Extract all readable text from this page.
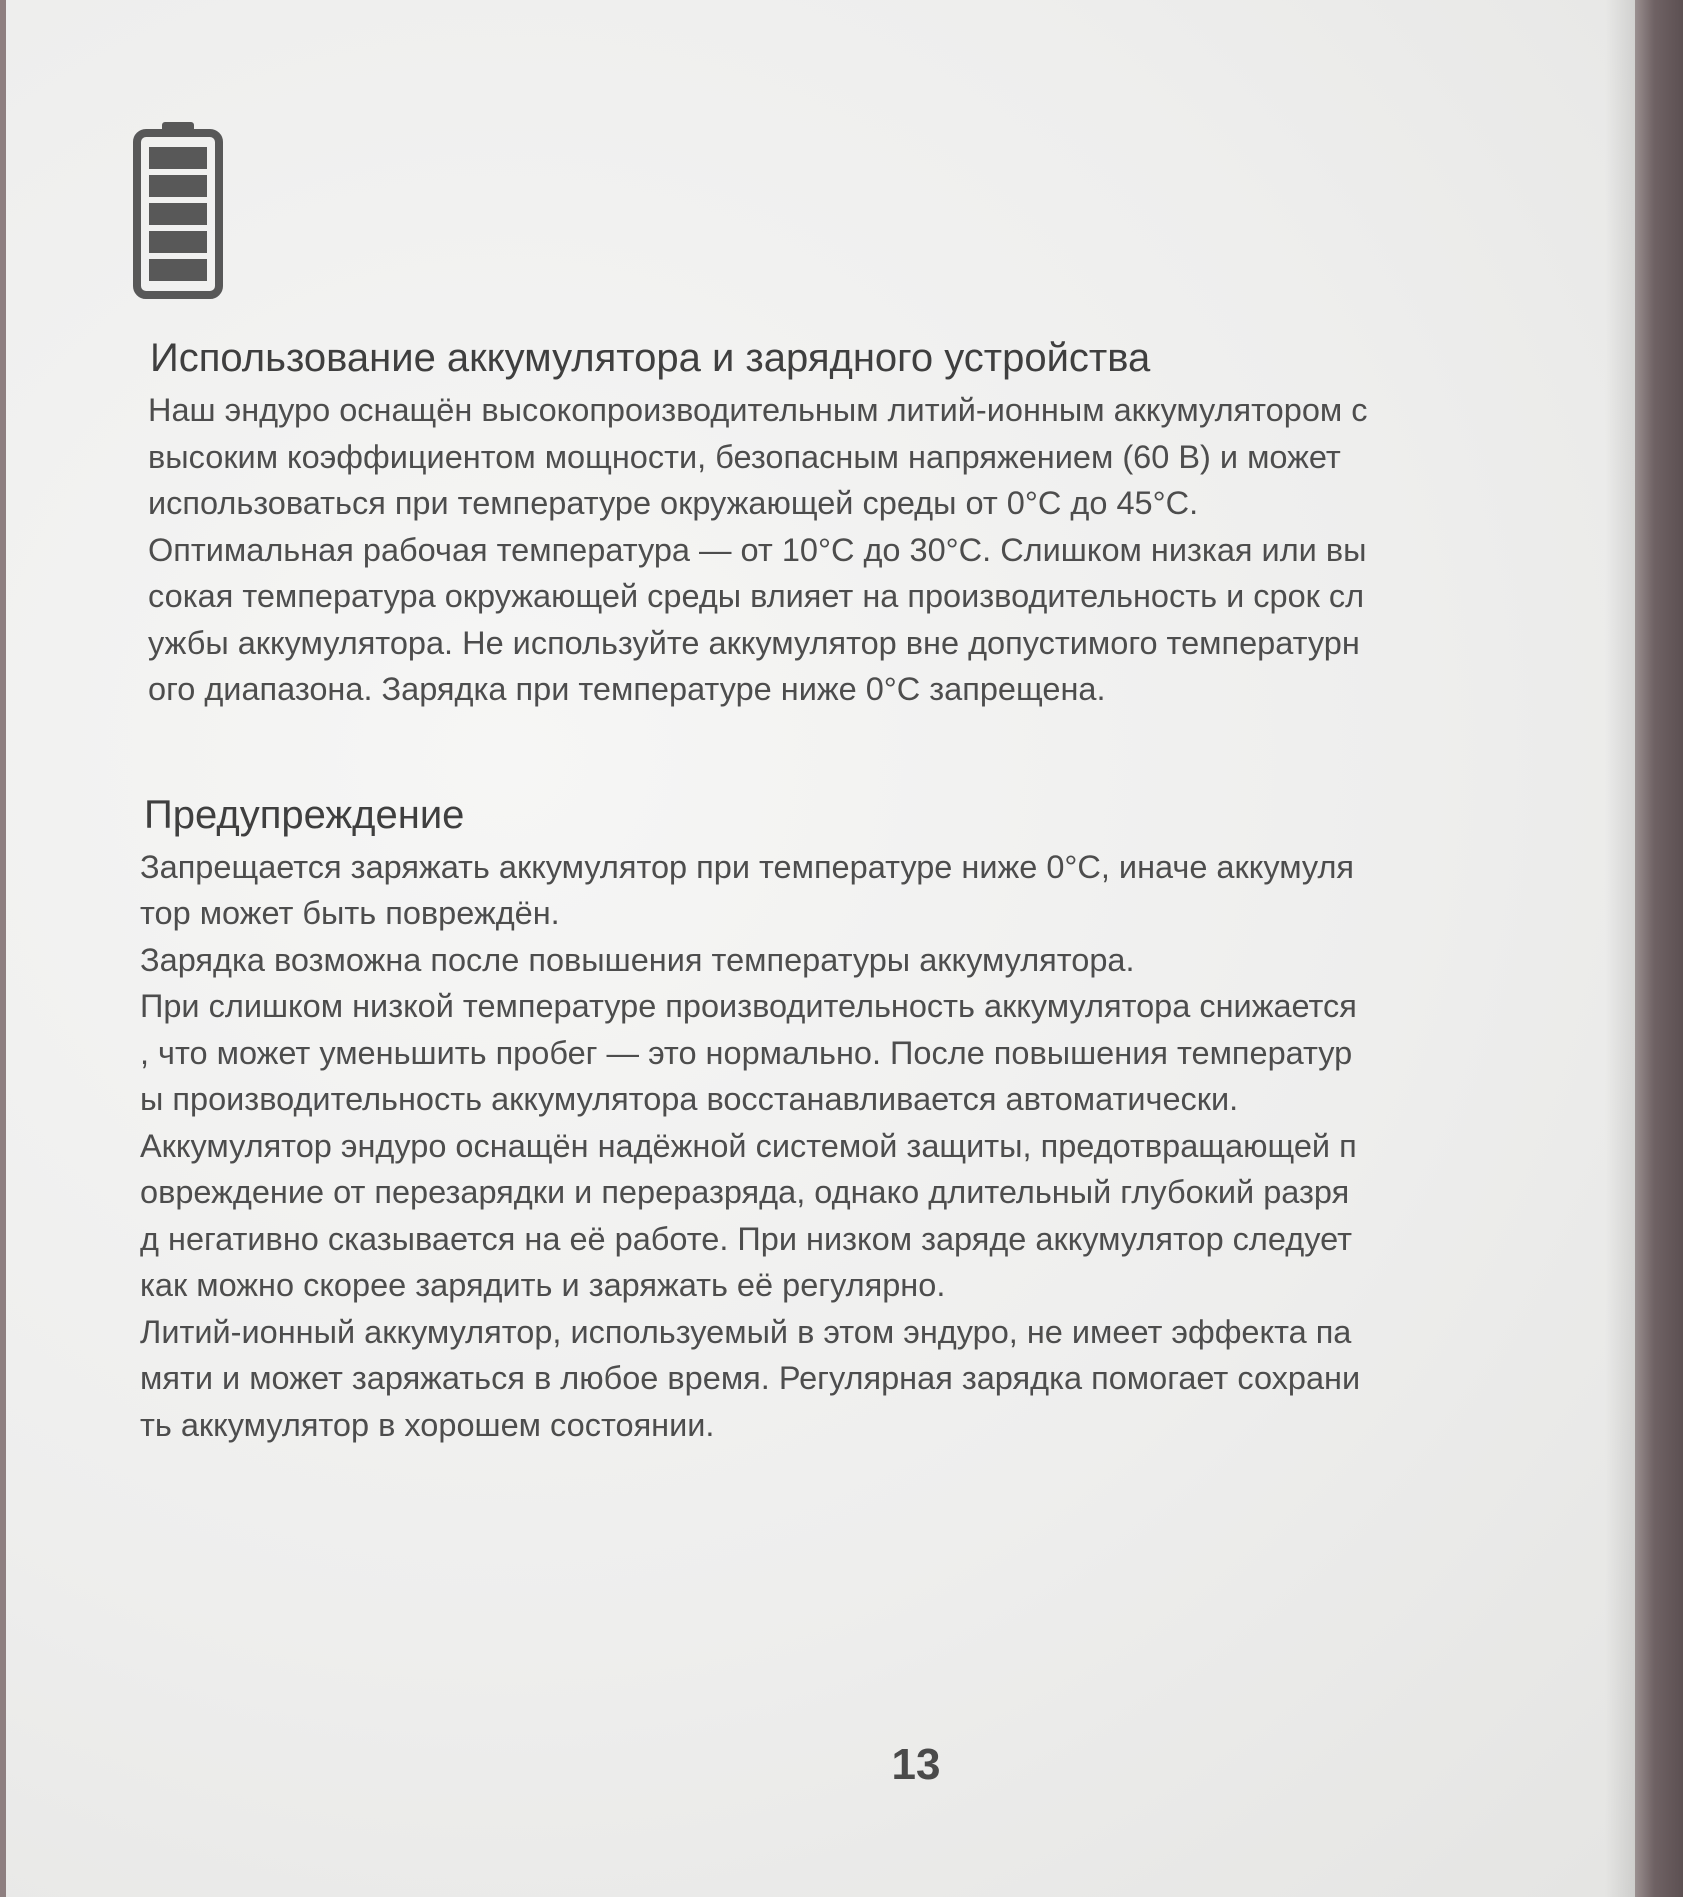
Использование аккумулятора и зарядного устройства
Наш эндуро оснащён высокопроизводительным литий-ионным аккумулятором с
высоким коэффициентом мощности, безопасным напряжением (60 В) и может
использоваться при температуре окружающей среды от 0°C до 45°C.
Оптимальная рабочая температура — от 10°C до 30°C. Слишком низкая или вы
сокая температура окружающей среды влияет на производительность и срок сл
ужбы аккумулятора. Не используйте аккумулятор вне допустимого температурн
ого диапазона. Зарядка при температуре ниже 0°C запрещена.
Предупреждение
Запрещается заряжать аккумулятор при температуре ниже 0°C, иначе аккумуля
тор может быть повреждён.
Зарядка возможна после повышения температуры аккумулятора.
При слишком низкой температуре производительность аккумулятора снижается
, что может уменьшить пробег — это нормально. После повышения температур
ы производительность аккумулятора восстанавливается автоматически.
Аккумулятор эндуро оснащён надёжной системой защиты, предотвращающей п
овреждение от перезарядки и переразряда, однако длительный глубокий разря
д негативно сказывается на её работе. При низком заряде аккумулятор следует
как можно скорее зарядить и заряжать её регулярно.
Литий-ионный аккумулятор, используемый в этом эндуро, не имеет эффекта па
мяти и может заряжаться в любое время. Регулярная зарядка помогает сохрани
ть аккумулятор в хорошем состоянии.
13
